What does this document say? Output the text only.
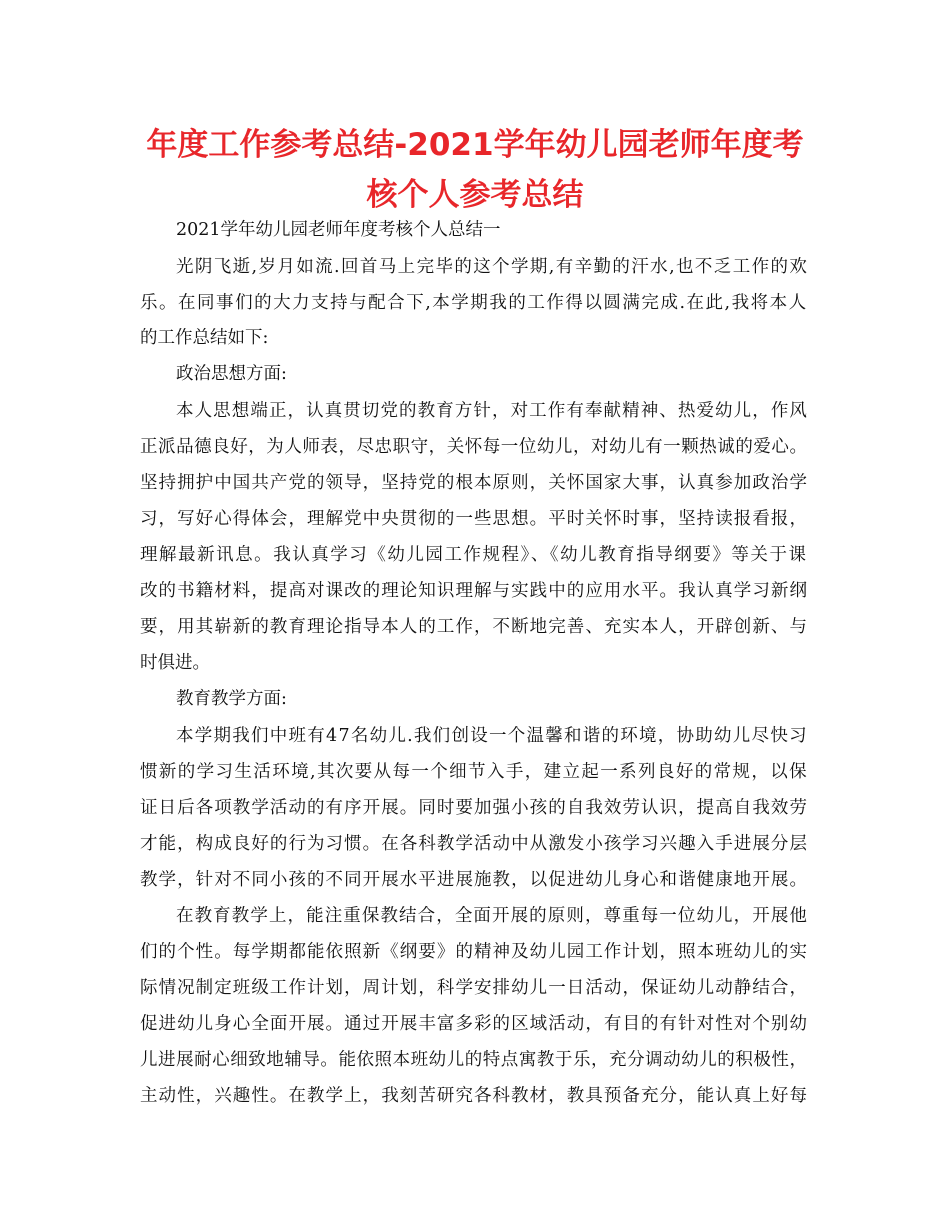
年度工作参考总结-2021学年幼儿园老师年度考
核个人参考总结
2021学年幼儿园老师年度考核个人总结一
光阴飞逝,岁月如流.回首马上完毕的这个学期,有辛勤的汗水,也不乏工作的欢
乐。在同事们的大力支持与配合下,本学期我的工作得以圆满完成.在此,我将本人
的工作总结如下:
政治思想方面:
本人思想端正，认真贯切党的教育方针，对工作有奉献精神、热爱幼儿，作风
正派品德良好，为人师表，尽忠职守，关怀每一位幼儿，对幼儿有一颗热诚的爱心。
坚持拥护中国共产党的领导，坚持党的根本原则，关怀国家大事，认真参加政治学
习，写好心得体会，理解党中央贯彻的一些思想。平时关怀时事，坚持读报看报，
理解最新讯息。我认真学习《幼儿园工作规程》、《幼儿教育指导纲要》等关于课
改的书籍材料，提高对课改的理论知识理解与实践中的应用水平。我认真学习新纲
要，用其崭新的教育理论指导本人的工作，不断地完善、充实本人，开辟创新、与
时俱进。
教育教学方面:
本学期我们中班有47名幼儿.我们创设一个温馨和谐的环境，协助幼儿尽快习
惯新的学习生活环境,其次要从每一个细节入手，建立起一系列良好的常规，以保
证日后各项教学活动的有序开展。同时要加强小孩的自我效劳认识，提高自我效劳
才能，构成良好的行为习惯。在各科教学活动中从激发小孩学习兴趣入手进展分层
教学，针对不同小孩的不同开展水平进展施教，以促进幼儿身心和谐健康地开展。
在教育教学上，能注重保教结合，全面开展的原则，尊重每一位幼儿，开展他
们的个性。每学期都能依照新《纲要》的精神及幼儿园工作计划，照本班幼儿的实
际情况制定班级工作计划，周计划，科学安排幼儿一日活动，保证幼儿动静结合，
促进幼儿身心全面开展。通过开展丰富多彩的区域活动，有目的有针对性对个别幼
儿进展耐心细致地辅导。能依照本班幼儿的特点寓教于乐，充分调动幼儿的积极性，
主动性，兴趣性。在教学上，我刻苦研究各科教材，教具预备充分，能认真上好每
